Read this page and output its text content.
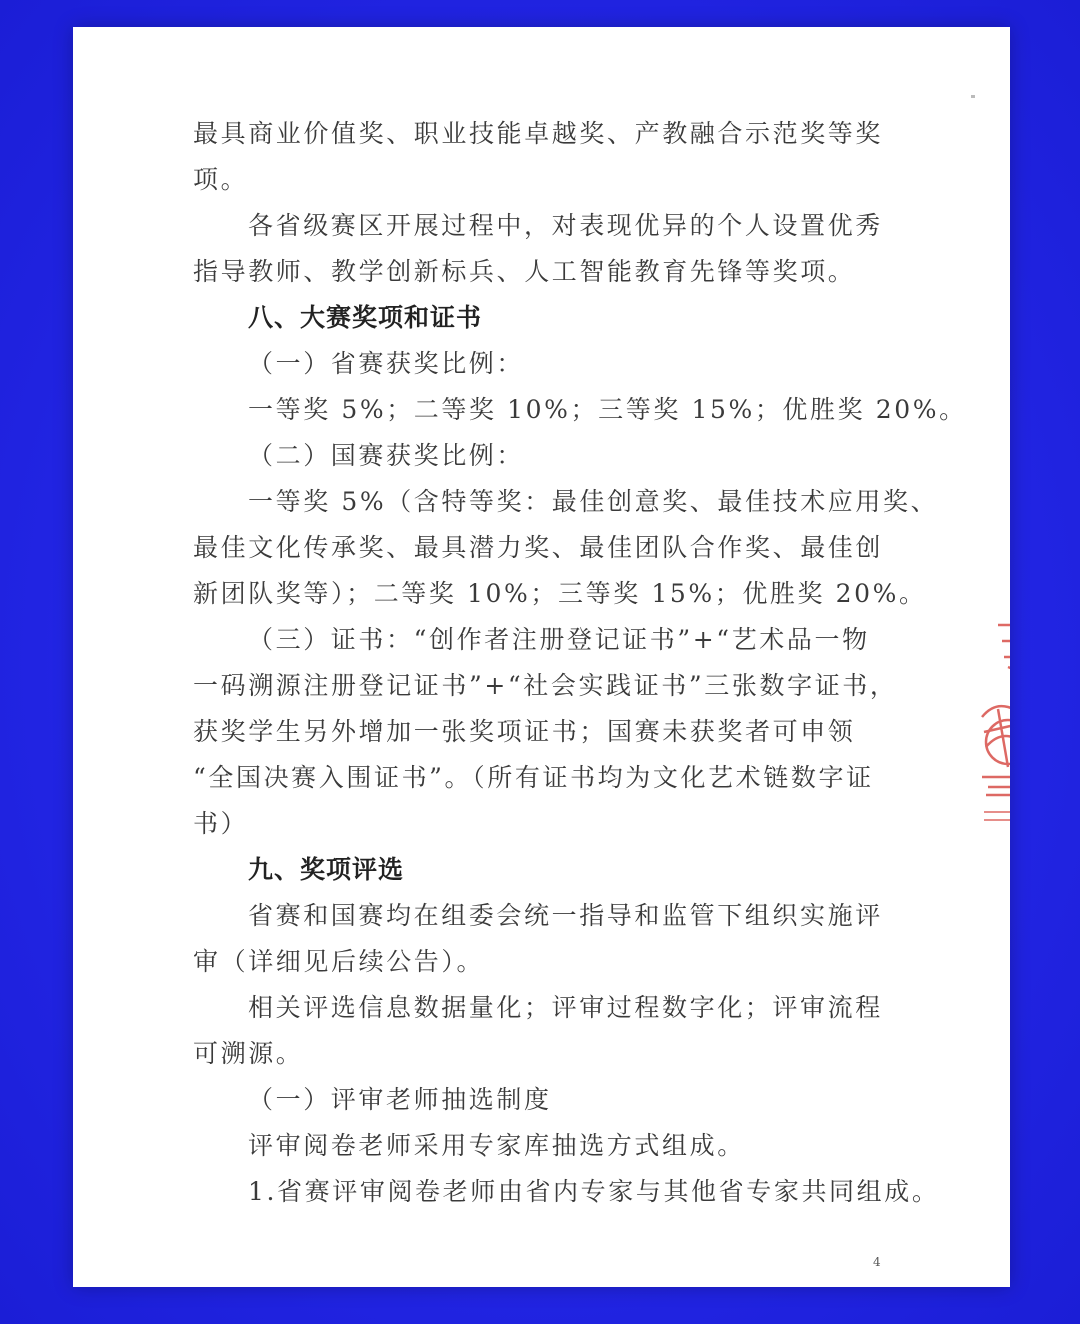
最具商业价值奖、职业技能卓越奖、产教融合示范奖等奖
项。
各省级赛区开展过程中，对表现优异的个人设置优秀
指导教师、教学创新标兵、人工智能教育先锋等奖项。
八、大赛奖项和证书
（一）省赛获奖比例：
一等奖 5%；二等奖 10%；三等奖 15%；优胜奖 20%。
（二）国赛获奖比例：
一等奖 5%（含特等奖：最佳创意奖、最佳技术应用奖、
最佳文化传承奖、最具潜力奖、最佳团队合作奖、最佳创
新团队奖等）；二等奖 10%；三等奖 15%；优胜奖 20%。
（三）证书：“创作者注册登记证书”+“艺术品一物
一码溯源注册登记证书”+“社会实践证书”三张数字证书，
获奖学生另外增加一张奖项证书；国赛未获奖者可申领
“全国决赛入围证书”。（所有证书均为文化艺术链数字证
书）
九、奖项评选
省赛和国赛均在组委会统一指导和监管下组织实施评
审（详细见后续公告）。
相关评选信息数据量化；评审过程数字化；评审流程
可溯源。
（一）评审老师抽选制度
评审阅卷老师采用专家库抽选方式组成。
1.省赛评审阅卷老师由省内专家与其他省专家共同组成。
4
